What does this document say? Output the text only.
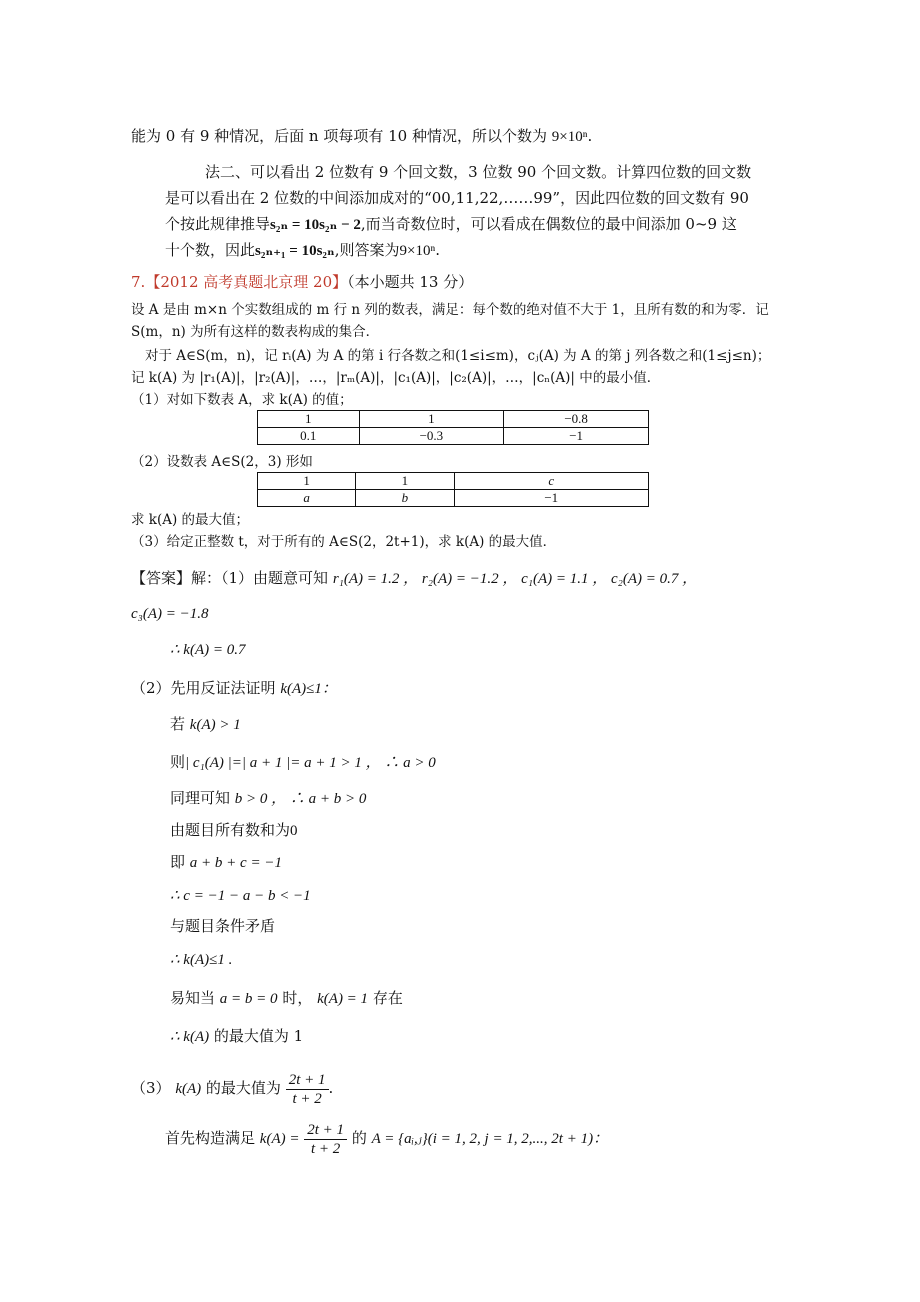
能为 0 有 9 种情况，后面 n 项每项有 10 种情况，所以个数为 9×10ⁿ.
法二、可以看出 2 位数有 9 个回文数，3 位数 90 个回文数。计算四位数的回文数
是可以看出在 2 位数的中间添加成对的“00,11,22,……99”，因此四位数的回文数有 90
个按此规律推导s₂ₙ = 10s₂ₙ − 2,而当奇数位时，可以看成在偶数位的最中间添加 0~9 这
十个数，因此s₂ₙ₊₁ = 10s₂ₙ,则答案为9×10ⁿ.
7.【2012 高考真题北京理 20】（本小题共 13 分）
设 A 是由 m×n 个实数组成的 m 行 n 列的数表，满足：每个数的绝对值不大于 1，且所有数的和为零．记
S(m，n) 为所有这样的数表构成的集合．
对于 A∈S(m，n)，记 rᵢ(A) 为 A 的第 i 行各数之和(1≤i≤m)，cⱼ(A) 为 A 的第 j 列各数之和(1≤j≤n)；
记 k(A) 为 |r₁(A)|，|r₂(A)|，…，|rₘ(A)|，|c₁(A)|，|c₂(A)|，…，|cₙ(A)| 中的最小值．
（1）对如下数表 A，求 k(A) 的值；
1	1	−0.8
0.1	−0.3	−1
（2）设数表 A∈S(2，3) 形如
1	1	c
a	b	−1
求 k(A) 的最大值；
（3）给定正整数 t，对于所有的 A∈S(2，2t+1)，求 k(A) 的最大值．
【答案】解：（1）由题意可知 r₁(A) = 1.2 ， r₂(A) = −1.2 ， c₁(A) = 1.1 ， c₂(A) = 0.7 ，
c₃(A) = −1.8
∴ k(A) = 0.7
（2）先用反证法证明 k(A)≤1：
若 k(A) > 1
则| c₁(A) |=| a + 1 |= a + 1 > 1 ， ∴ a > 0
同理可知 b > 0 ， ∴ a + b > 0
由题目所有数和为0
即 a + b + c = −1
∴ c = −1 − a − b < −1
与题目条件矛盾
∴ k(A)≤1 .
易知当 a = b = 0 时， k(A) = 1 存在
∴ k(A) 的最大值为 1
（3） k(A) 的最大值为 $\frac{2t + 1}{t + 2}$ .
首先构造满足 $k(A) = \frac{2t + 1}{t + 2}$ 的 A = {aᵢ,ⱼ}(i = 1, 2, j = 1, 2,..., 2t + 1)：
